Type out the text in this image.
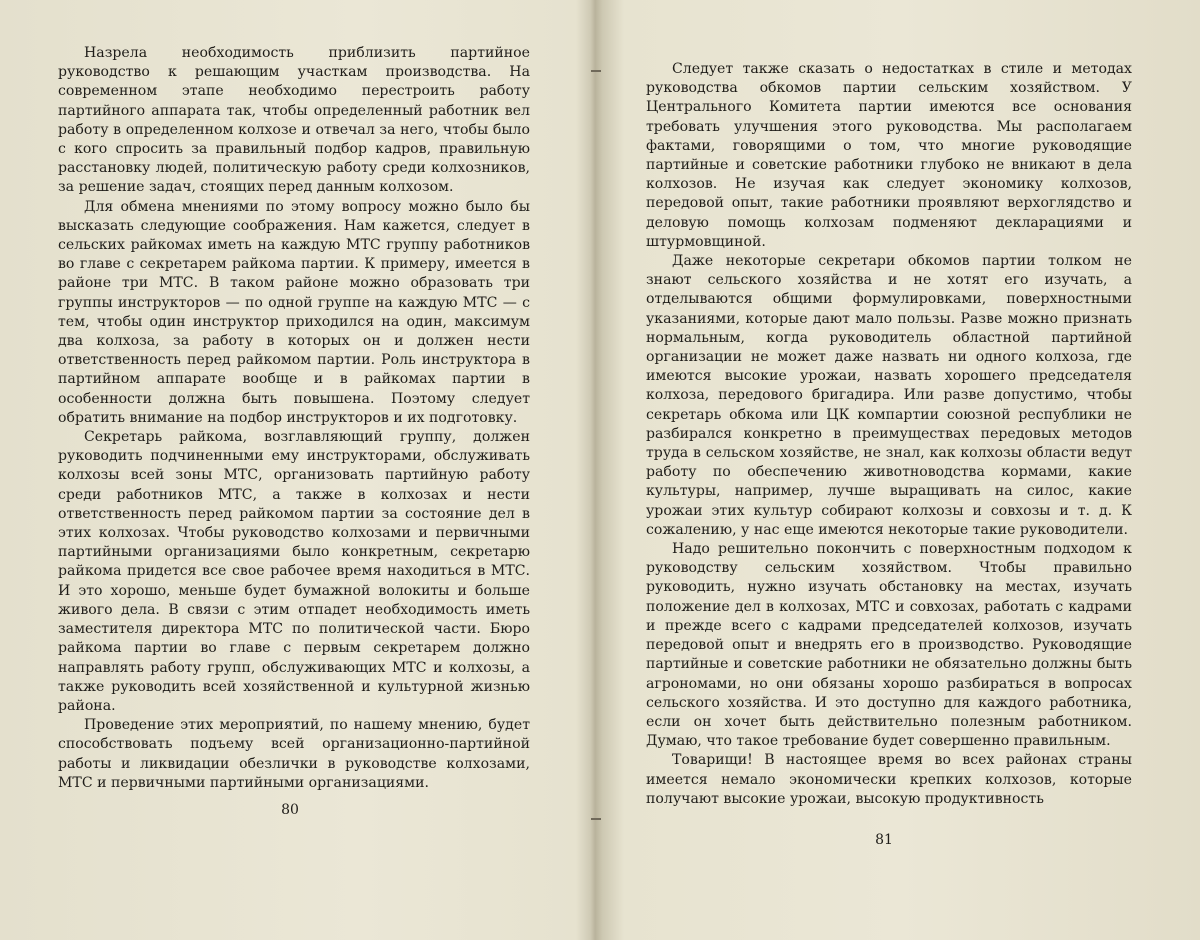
Назрела необходимость приблизить партийное руководство к решающим участкам производства. На современном этапе необходимо перестроить работу партийного аппарата так, чтобы определенный работник вел работу в определенном колхозе и отвечал за него, чтобы было с кого спросить за правильный подбор кадров, правильную расстановку людей, политическую работу среди колхозников, за решение задач, стоящих перед данным колхозом.

Для обмена мнениями по этому вопросу можно было бы высказать следующие соображения. Нам кажется, следует в сельских райкомах иметь на каждую МТС группу работников во главе с секретарем райкома партии. К примеру, имеется в районе три МТС. В таком районе можно образовать три группы инструкторов — по одной группе на каждую МТС — с тем, чтобы один инструктор приходился на один, максимум два колхоза, за работу в которых он и должен нести ответственность перед райкомом партии. Роль инструктора в партийном аппарате вообще и в райкомах партии в особенности должна быть повышена. Поэтому следует обратить внимание на подбор инструкторов и их подготовку.

Секретарь райкома, возглавляющий группу, должен руководить подчиненными ему инструкторами, обслуживать колхозы всей зоны МТС, организовать партийную работу среди работников МТС, а также в колхозах и нести ответственность перед райкомом партии за состояние дел в этих колхозах. Чтобы руководство колхозами и первичными партийными организациями было конкретным, секретарю райкома придется все свое рабочее время находиться в МТС. И это хорошо, меньше будет бумажной волокиты и больше живого дела. В связи с этим отпадет необходимость иметь заместителя директора МТС по политической части. Бюро райкома партии во главе с первым секретарем должно направлять работу групп, обслуживающих МТС и колхозы, а также руководить всей хозяйственной и культурной жизнью района.

Проведение этих мероприятий, по нашему мнению, будет способствовать подъему всей организационно-партийной работы и ликвидации обезлички в руководстве колхозами, МТС и первичными партийными организациями.

80

Следует также сказать о недостатках в стиле и методах руководства обкомов партии сельским хозяйством. У Центрального Комитета партии имеются все основания требовать улучшения этого руководства. Мы располагаем фактами, говорящими о том, что многие руководящие партийные и советские работники глубоко не вникают в дела колхозов. Не изучая как следует экономику колхозов, передовой опыт, такие работники проявляют верхоглядство и деловую помощь колхозам подменяют декларациями и штурмовщиной.

Даже некоторые секретари обкомов партии толком не знают сельского хозяйства и не хотят его изучать, а отделываются общими формулировками, поверхностными указаниями, которые дают мало пользы. Разве можно признать нормальным, когда руководитель областной партийной организации не может даже назвать ни одного колхоза, где имеются высокие урожаи, назвать хорошего председателя колхоза, передового бригадира. Или разве допустимо, чтобы секретарь обкома или ЦК компартии союзной республики не разбирался конкретно в преимуществах передовых методов труда в сельском хозяйстве, не знал, как колхозы области ведут работу по обеспечению животноводства кормами, какие культуры, например, лучше выращивать на силос, какие урожаи этих культур собирают колхозы и совхозы и т. д. К сожалению, у нас еще имеются некоторые такие руководители.

Надо решительно покончить с поверхностным подходом к руководству сельским хозяйством. Чтобы правильно руководить, нужно изучать обстановку на местах, изучать положение дел в колхозах, МТС и совхозах, работать с кадрами и прежде всего с кадрами председателей колхозов, изучать передовой опыт и внедрять его в производство. Руководящие партийные и советские работники не обязательно должны быть агрономами, но они обязаны хорошо разбираться в вопросах сельского хозяйства. И это доступно для каждого работника, если он хочет быть действительно полезным работником. Думаю, что такое требование будет совершенно правильным.

Товарищи! В настоящее время во всех районах страны имеется немало экономически крепких колхозов, которые получают высокие урожаи, высокую продуктивность

81
